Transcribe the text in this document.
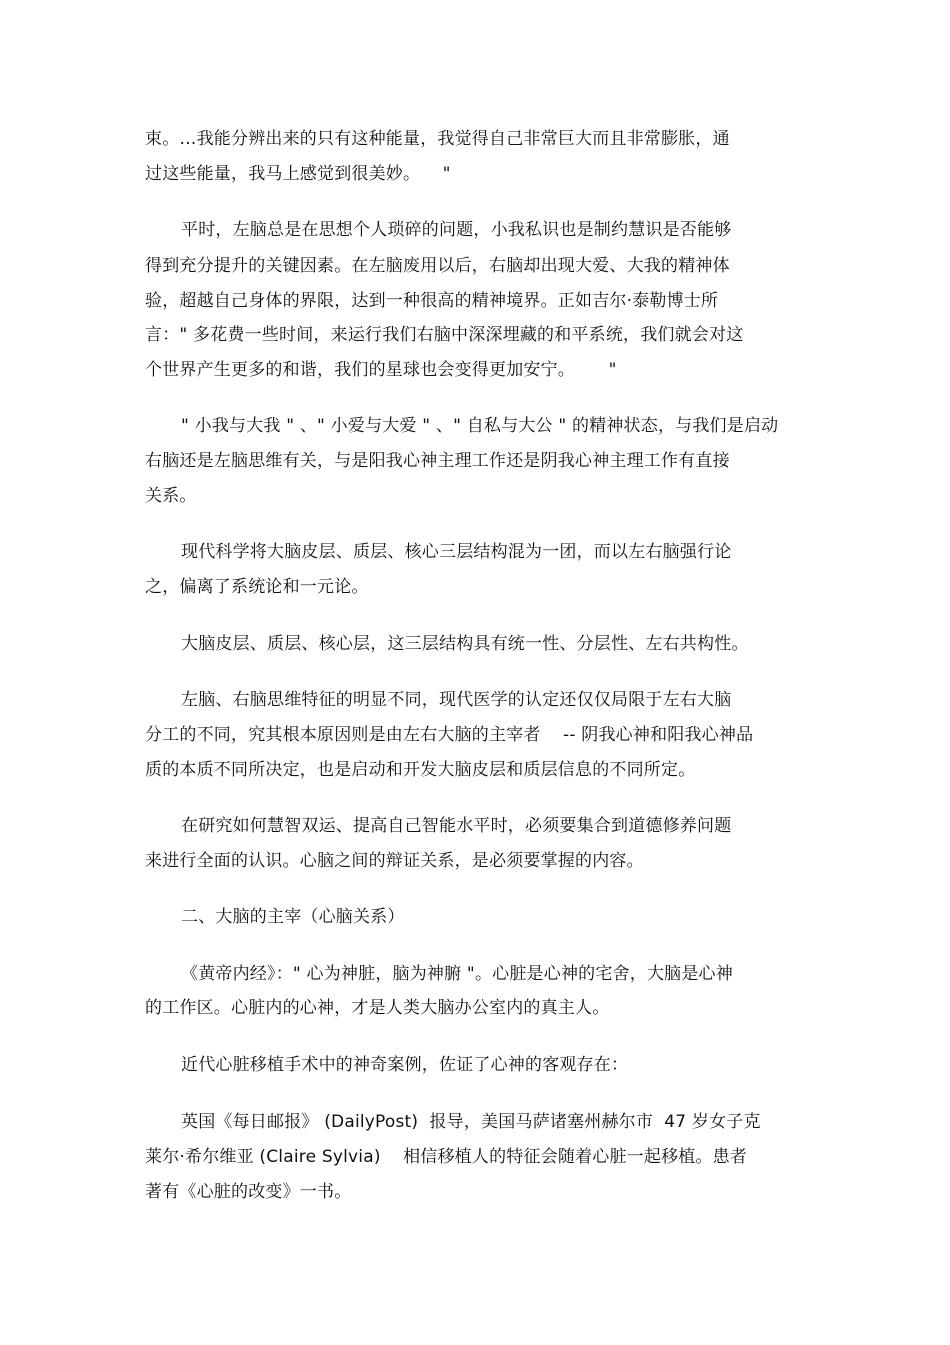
束。…我能分辨出来的只有这种能量，我觉得自己非常巨大而且非常膨胀，通
过这些能量，我马上感觉到很美妙。    "
平时，左脑总是在思想个人琐碎的问题，小我私识也是制约慧识是否能够
得到充分提升的关键因素。在左脑废用以后，右脑却出现大爱、大我的精神体
验，超越自己身体的界限，达到一种很高的精神境界。正如吉尔·泰勒博士所
言：" 多花费一些时间，来运行我们右脑中深深埋藏的和平系统，我们就会对这
个世界产生更多的和谐，我们的星球也会变得更加安宁。      "
" 小我与大我 " 、" 小爱与大爱 " 、" 自私与大公 " 的精神状态，与我们是启动
右脑还是左脑思维有关，与是阳我心神主理工作还是阴我心神主理工作有直接
关系。
现代科学将大脑皮层、质层、核心三层结构混为一团，而以左右脑强行论
之，偏离了系统论和一元论。
大脑皮层、质层、核心层，这三层结构具有统一性、分层性、左右共构性。
左脑、右脑思维特征的明显不同，现代医学的认定还仅仅局限于左右大脑
分工的不同，究其根本原因则是由左右大脑的主宰者    -- 阴我心神和阳我心神品
质的本质不同所决定，也是启动和开发大脑皮层和质层信息的不同所定。
在研究如何慧智双运、提高自己智能水平时，必须要集合到道德修养问题
来进行全面的认识。心脑之间的辩证关系，是必须要掌握的内容。
二、大脑的主宰（心脑关系）
《黄帝内经》：" 心为神脏，脑为神腑 "。心脏是心神的宅舍，大脑是心神
的工作区。心脏内的心神，才是人类大脑办公室内的真主人。
近代心脏移植手术中的神奇案例，佐证了心神的客观存在：
英国《每日邮报》 (DailyPost)  报导，美国马萨诸塞州赫尔市  47 岁女子克
莱尔·希尔维亚 (Claire Sylvia)    相信移植人的特征会随着心脏一起移植。患者
著有《心脏的改变》一书。
